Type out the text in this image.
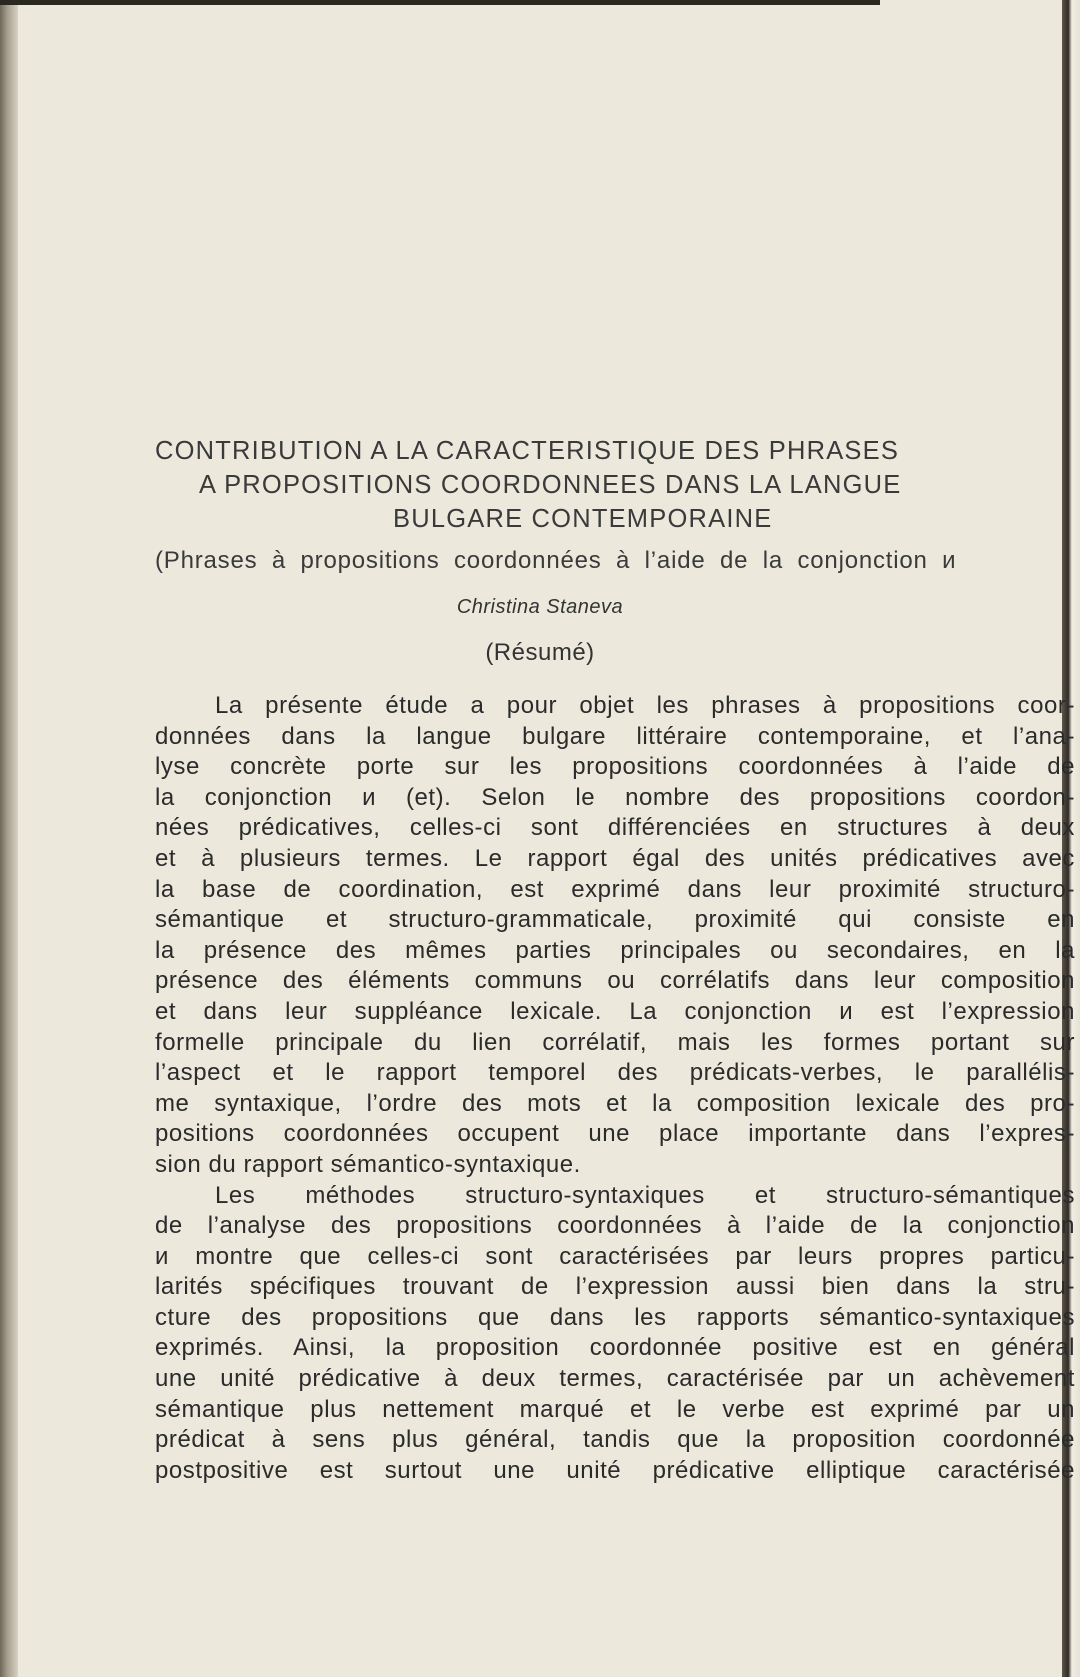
CONTRIBUTION A LA CARACTERISTIQUE DES PHRASES
A PROPOSITIONS COORDONNEES DANS LA LANGUE
BULGARE CONTEMPORAINE

(Phrases à propositions coordonnées à l’aide de la conjonction и

Christina Staneva

(Résumé)

La présente étude a pour objet les phrases à propositions coor-
données dans la langue bulgare littéraire contemporaine, et l’ana-
lyse concrète porte sur les propositions coordonnées à l’aide de
la conjonction и (et). Selon le nombre des propositions coordon-
nées prédicatives, celles-ci sont différenciées en structures à deux
et à plusieurs termes. Le rapport égal des unités prédicatives avec
la base de coordination, est exprimé dans leur proximité structuro-
sémantique et structuro-grammaticale, proximité qui consiste en
la présence des mêmes parties principales ou secondaires, en la
présence des éléments communs ou corrélatifs dans leur composition
et dans leur suppléance lexicale. La conjonction и est l’expression
formelle principale du lien corrélatif, mais les formes portant sur
l’aspect et le rapport temporel des prédicats-verbes, le parallélis-
me syntaxique, l’ordre des mots et la composition lexicale des pro-
positions coordonnées occupent une place importante dans l’expres-
sion du rapport sémantico-syntaxique.
Les méthodes structuro-syntaxiques et structuro-sémantiques
de l’analyse des propositions coordonnées à l’aide de la conjonction
и montre que celles-ci sont caractérisées par leurs propres particu-
larités spécifiques trouvant de l’expression aussi bien dans la stru-
cture des propositions que dans les rapports sémantico-syntaxiques
exprimés. Ainsi, la proposition coordonnée positive est en général
une unité prédicative à deux termes, caractérisée par un achèvement
sémantique plus nettement marqué et le verbe est exprimé par un
prédicat à sens plus général, tandis que la proposition coordonnée
postpositive est surtout une unité prédicative elliptique caractérisée
